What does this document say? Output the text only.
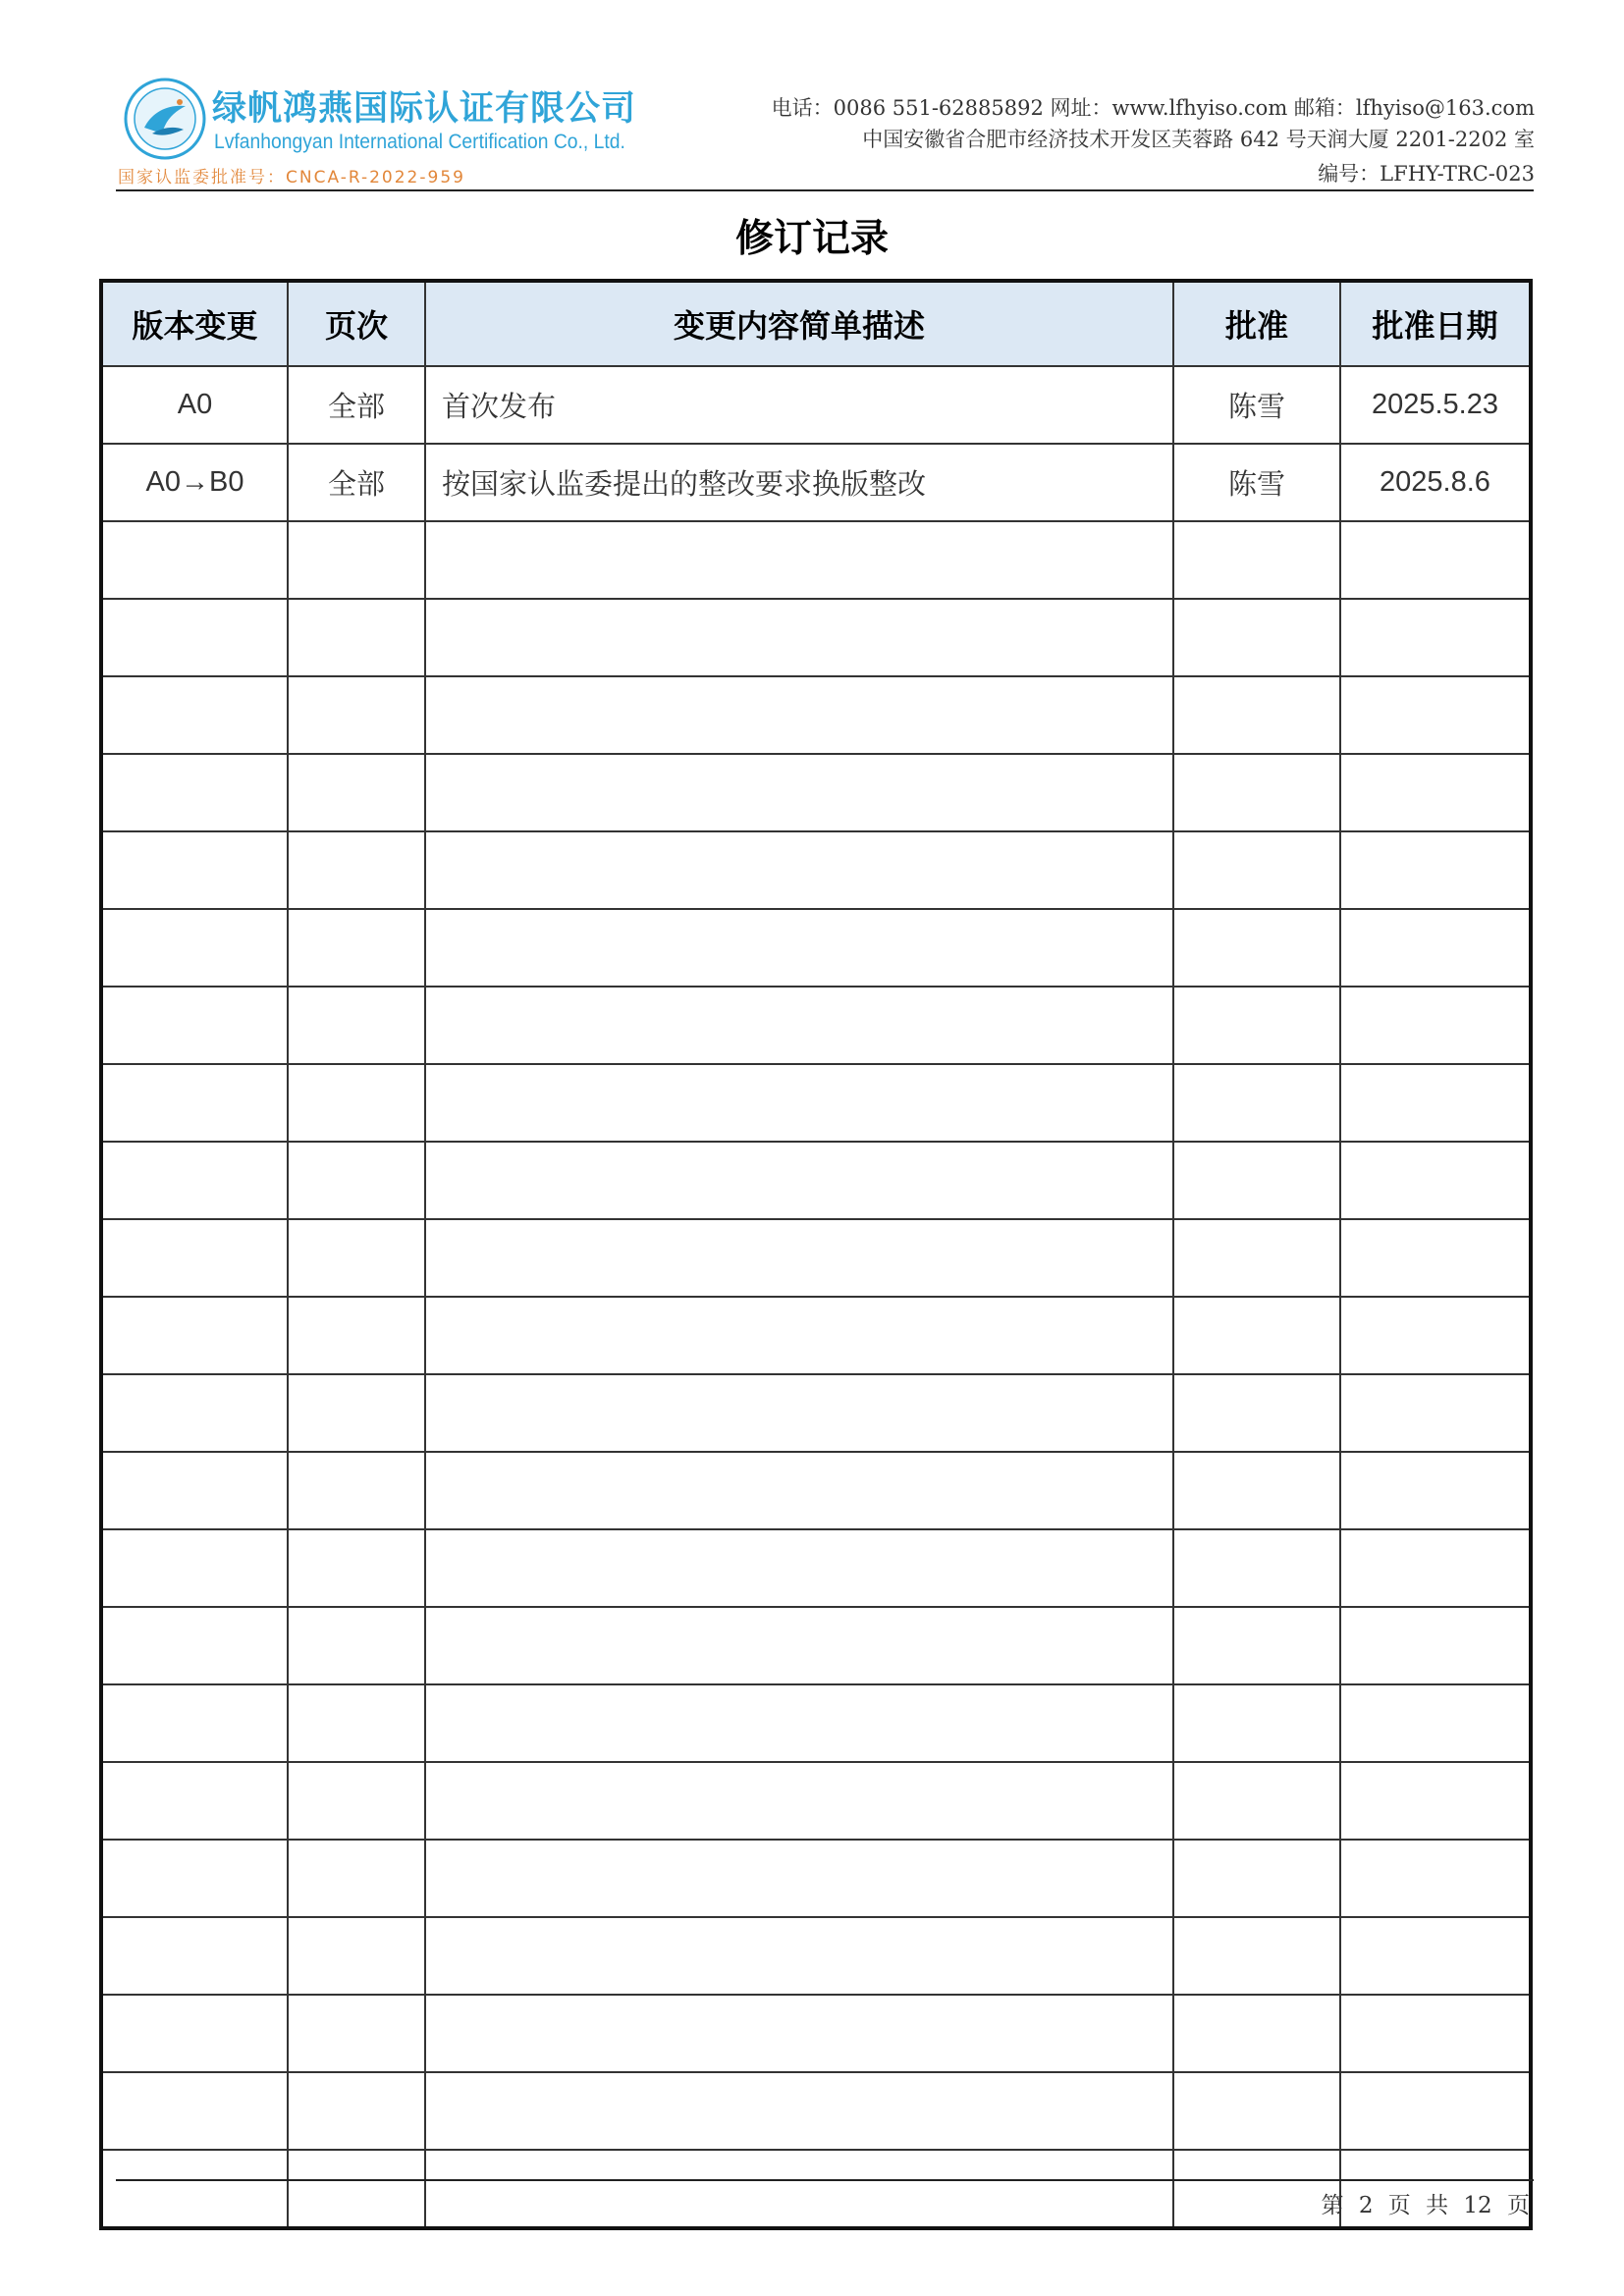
绿帆鸿燕国际认证有限公司
Lvfanhongyan International Certification Co., Ltd.
国家认监委批准号：CNCA-R-2022-959
电话：0086 551-62885892 网址：www.lfhyiso.com 邮箱：lfhyiso@163.com
中国安徽省合肥市经济技术开发区芙蓉路 642 号天润大厦 2201-2202 室
编号：LFHY-TRC-023
修订记录
版本变更	页次	变更内容简单描述	批准	批准日期
A0	全部	首次发布	陈雪	2025.5.23
A0→B0	全部	按国家认监委提出的整改要求换版整改	陈雪	2025.8.6

第 2 页 共 12 页
